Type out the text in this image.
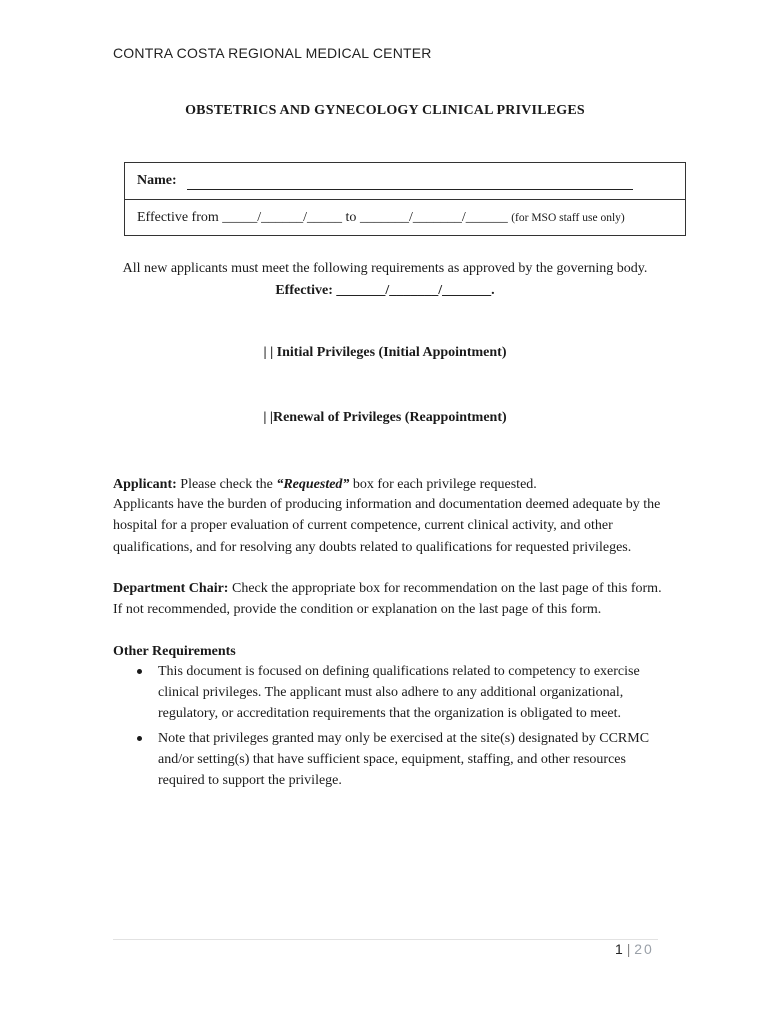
CONTRA COSTA REGIONAL MEDICAL CENTER
OBSTETRICS AND GYNECOLOGY CLINICAL PRIVILEGES
Name:
Effective from _____/______/_____ to _______/_______/______ (for MSO staff use only)
All new applicants must meet the following requirements as approved by the governing body.
Effective: _______/_______/_______.
| | Initial Privileges (Initial Appointment)
| |Renewal of Privileges (Reappointment)
Applicant: Please check the “Requested” box for each privilege requested.
Applicants have the burden of producing information and documentation deemed adequate by the
hospital for a proper evaluation of current competence, current clinical activity, and other
qualifications, and for resolving any doubts related to qualifications for requested privileges.
Department Chair: Check the appropriate box for recommendation on the last page of this form.
If not recommended, provide the condition or explanation on the last page of this form.
Other Requirements
This document is focused on defining qualifications related to competency to exercise
clinical privileges. The applicant must also adhere to any additional organizational,
regulatory, or accreditation requirements that the organization is obligated to meet.
Note that privileges granted may only be exercised at the site(s) designated by CCRMC
and/or setting(s) that have sufficient space, equipment, staffing, and other resources
required to support the privilege.
1 | 20
